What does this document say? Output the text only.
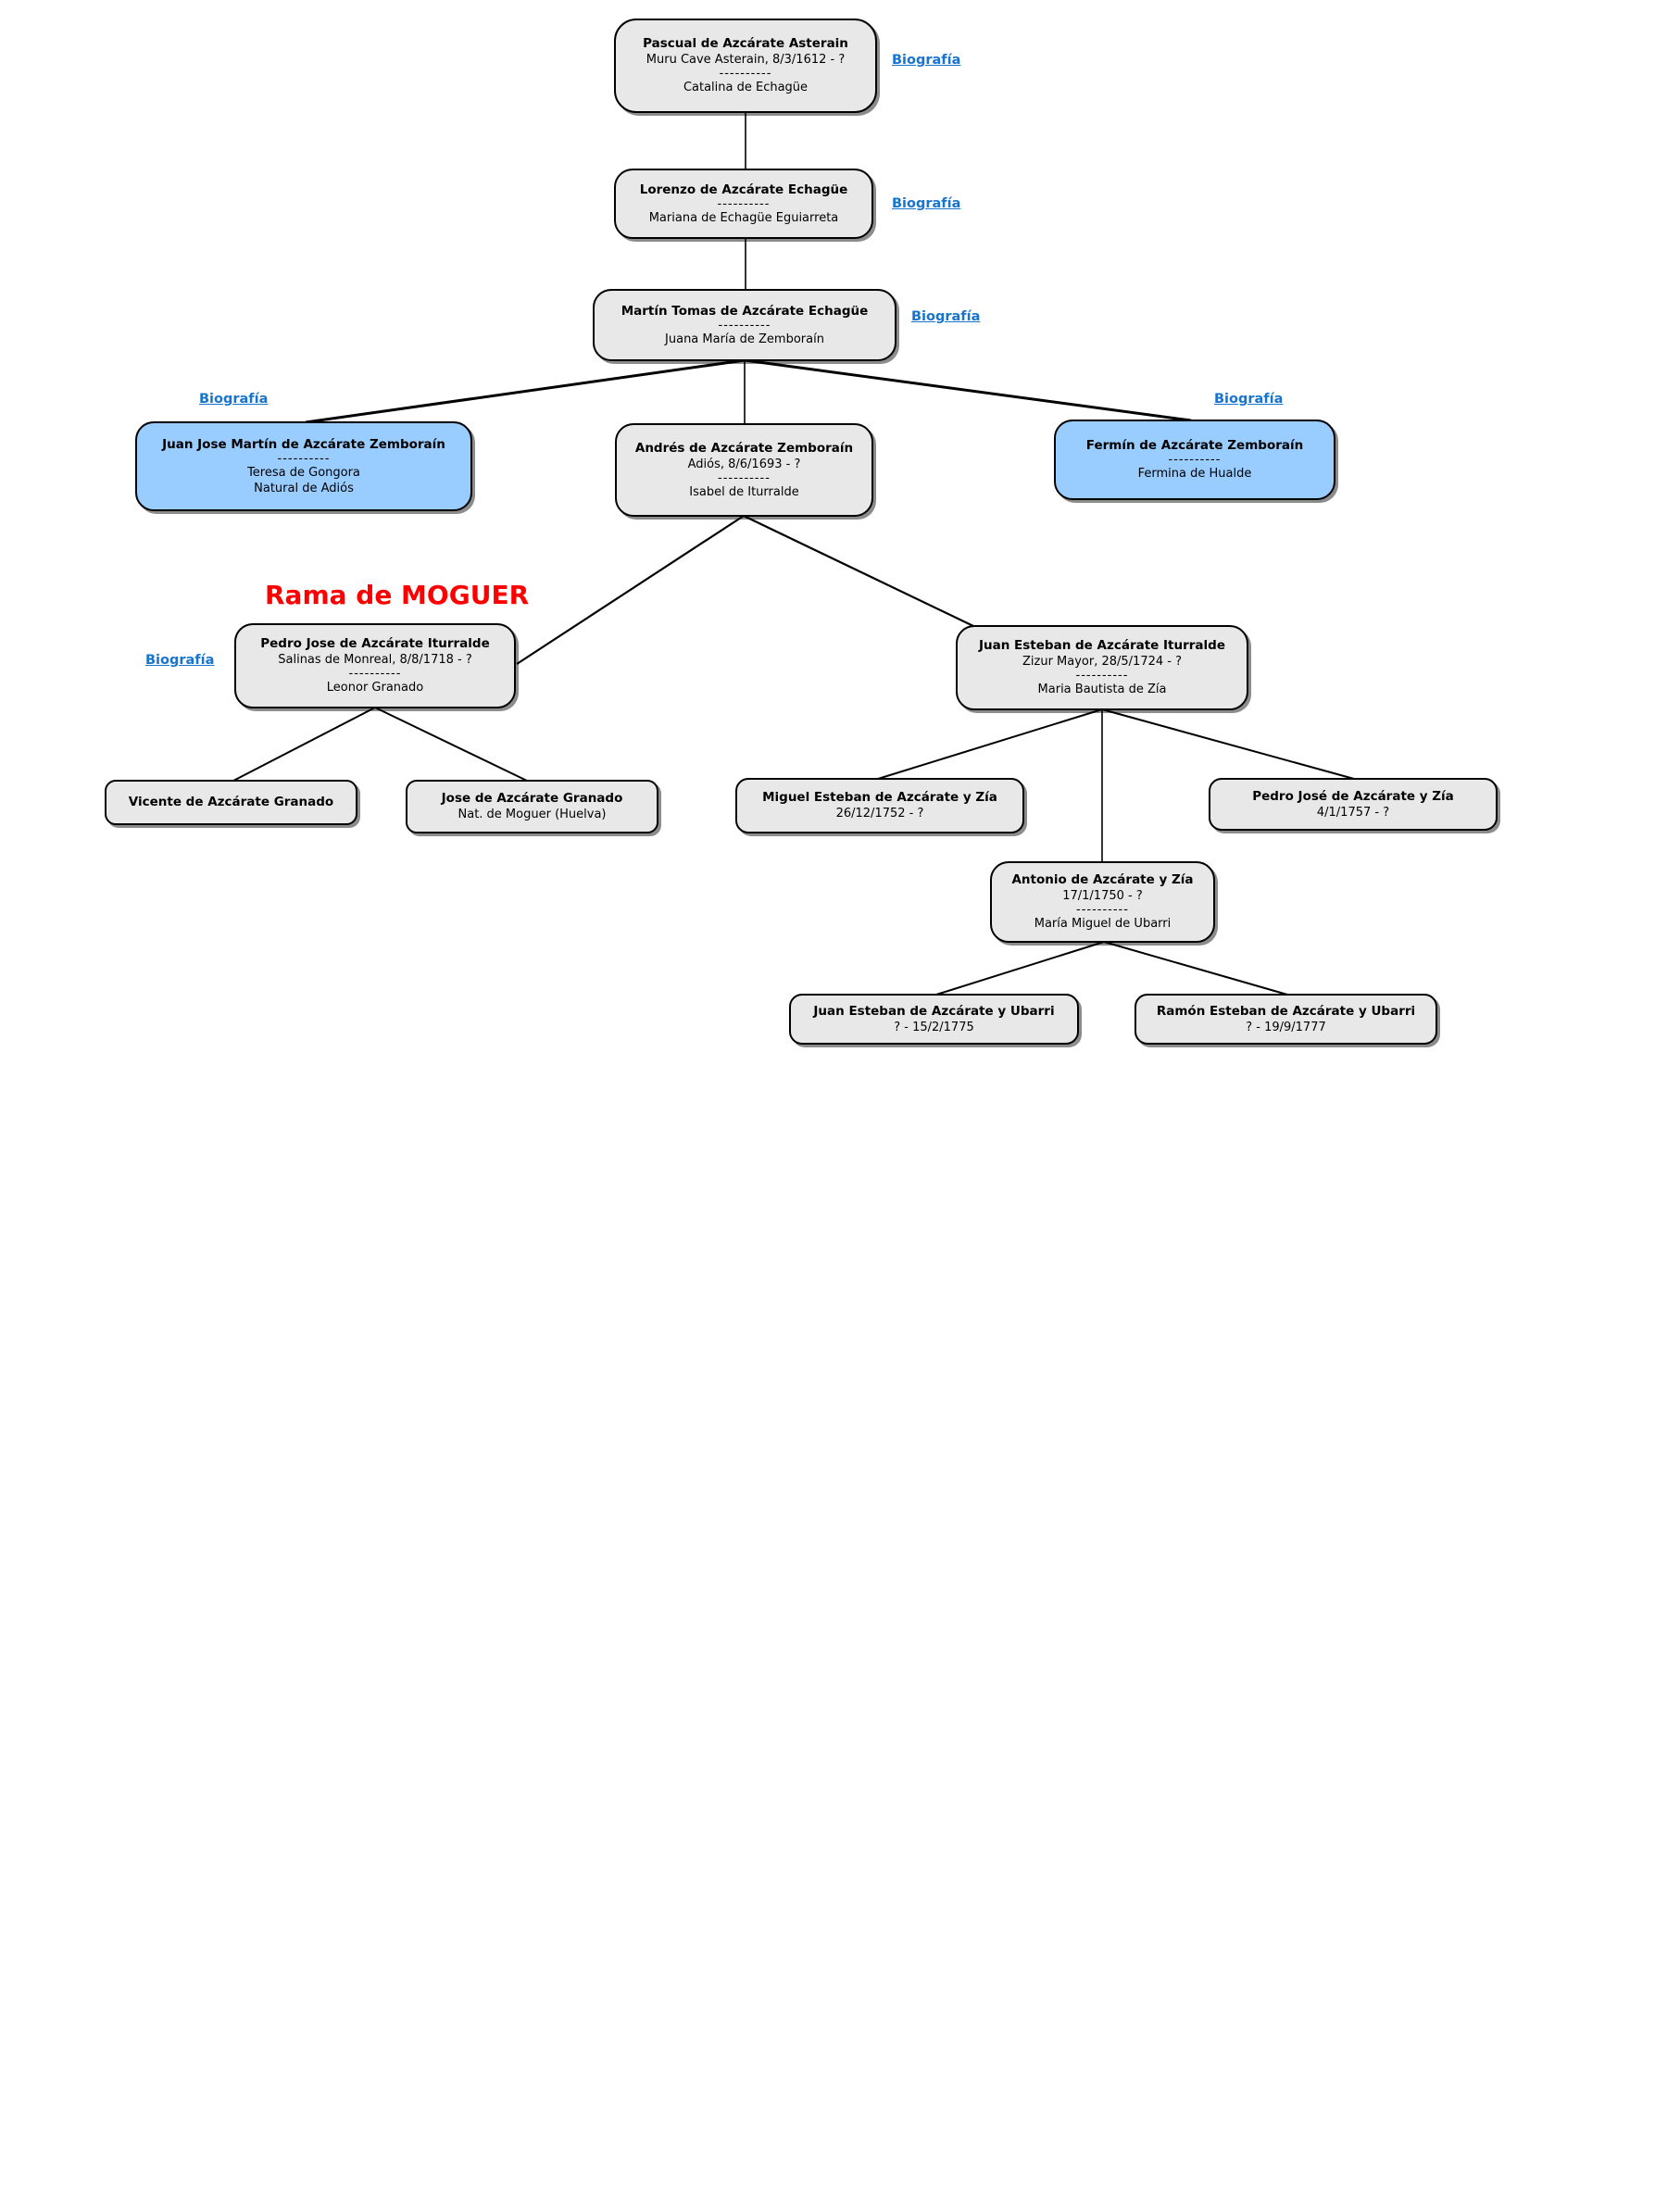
Rama de MOGUER
Biografía
Biografía
Biografía
Biografía	Biografía
Biografía
Pascual de Azcárate Asterain
Muru Cave Asterain, 8/3/1612 - ?
----------
Catalina de Echagüe
Lorenzo de Azcárate Echagüe
----------
Mariana de Echagüe Eguiarreta
Martín Tomas de Azcárate Echagüe
----------
Juana María de Zemboraín
Juan Jose Martín de Azcárate Zemboraín
----------
Teresa de Gongora
Natural de Adiós
Andrés de Azcárate Zemboraín
Adiós, 8/6/1693 - ?
----------
Isabel de Iturralde
Fermín de Azcárate Zemboraín
----------
Fermina de Hualde
Pedro Jose de Azcárate Iturralde
Salinas de Monreal, 8/8/1718 - ?
----------
Leonor Granado
Juan Esteban de Azcárate Iturralde
Zizur Mayor, 28/5/1724 - ?
----------
Maria Bautista de Zía
Vicente de Azcárate Granado	Jose de Azcárate Granado
Nat. de Moguer (Huelva)
Miguel Esteban de Azcárate y Zía
26/12/1752 - ?
Pedro José de Azcárate y Zía
4/1/1757 - ?
Antonio de Azcárate y Zía
17/1/1750 - ?
----------
María Miguel de Ubarri
Juan Esteban de Azcárate y Ubarri
? - 15/2/1775
Ramón Esteban de Azcárate y Ubarri
? - 19/9/1777
